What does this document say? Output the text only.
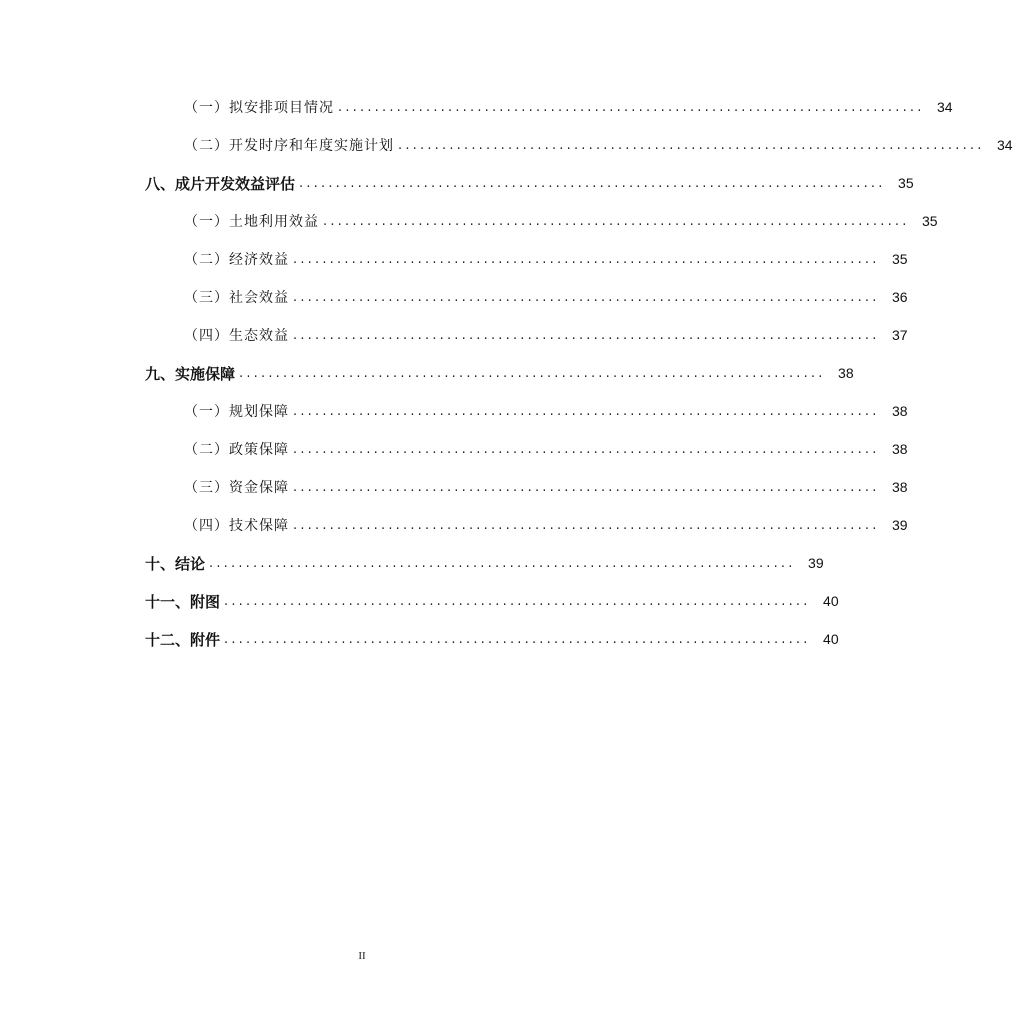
（一）拟安排项目情况 ................................................................................ 34
（二）开发时序和年度实施计划 ................................................................................ 34
八、成片开发效益评估 ................................................................................ 35
（一）土地利用效益 ................................................................................ 35
（二）经济效益 ................................................................................ 35
（三）社会效益 ................................................................................ 36
（四）生态效益 ................................................................................ 37
九、实施保障 ................................................................................ 38
（一）规划保障 ................................................................................ 38
（二）政策保障 ................................................................................ 38
（三）资金保障 ................................................................................ 38
（四）技术保障 ................................................................................ 39
十、结论 ................................................................................ 39
十一、附图 ................................................................................ 40
十二、附件 ................................................................................ 40
II
